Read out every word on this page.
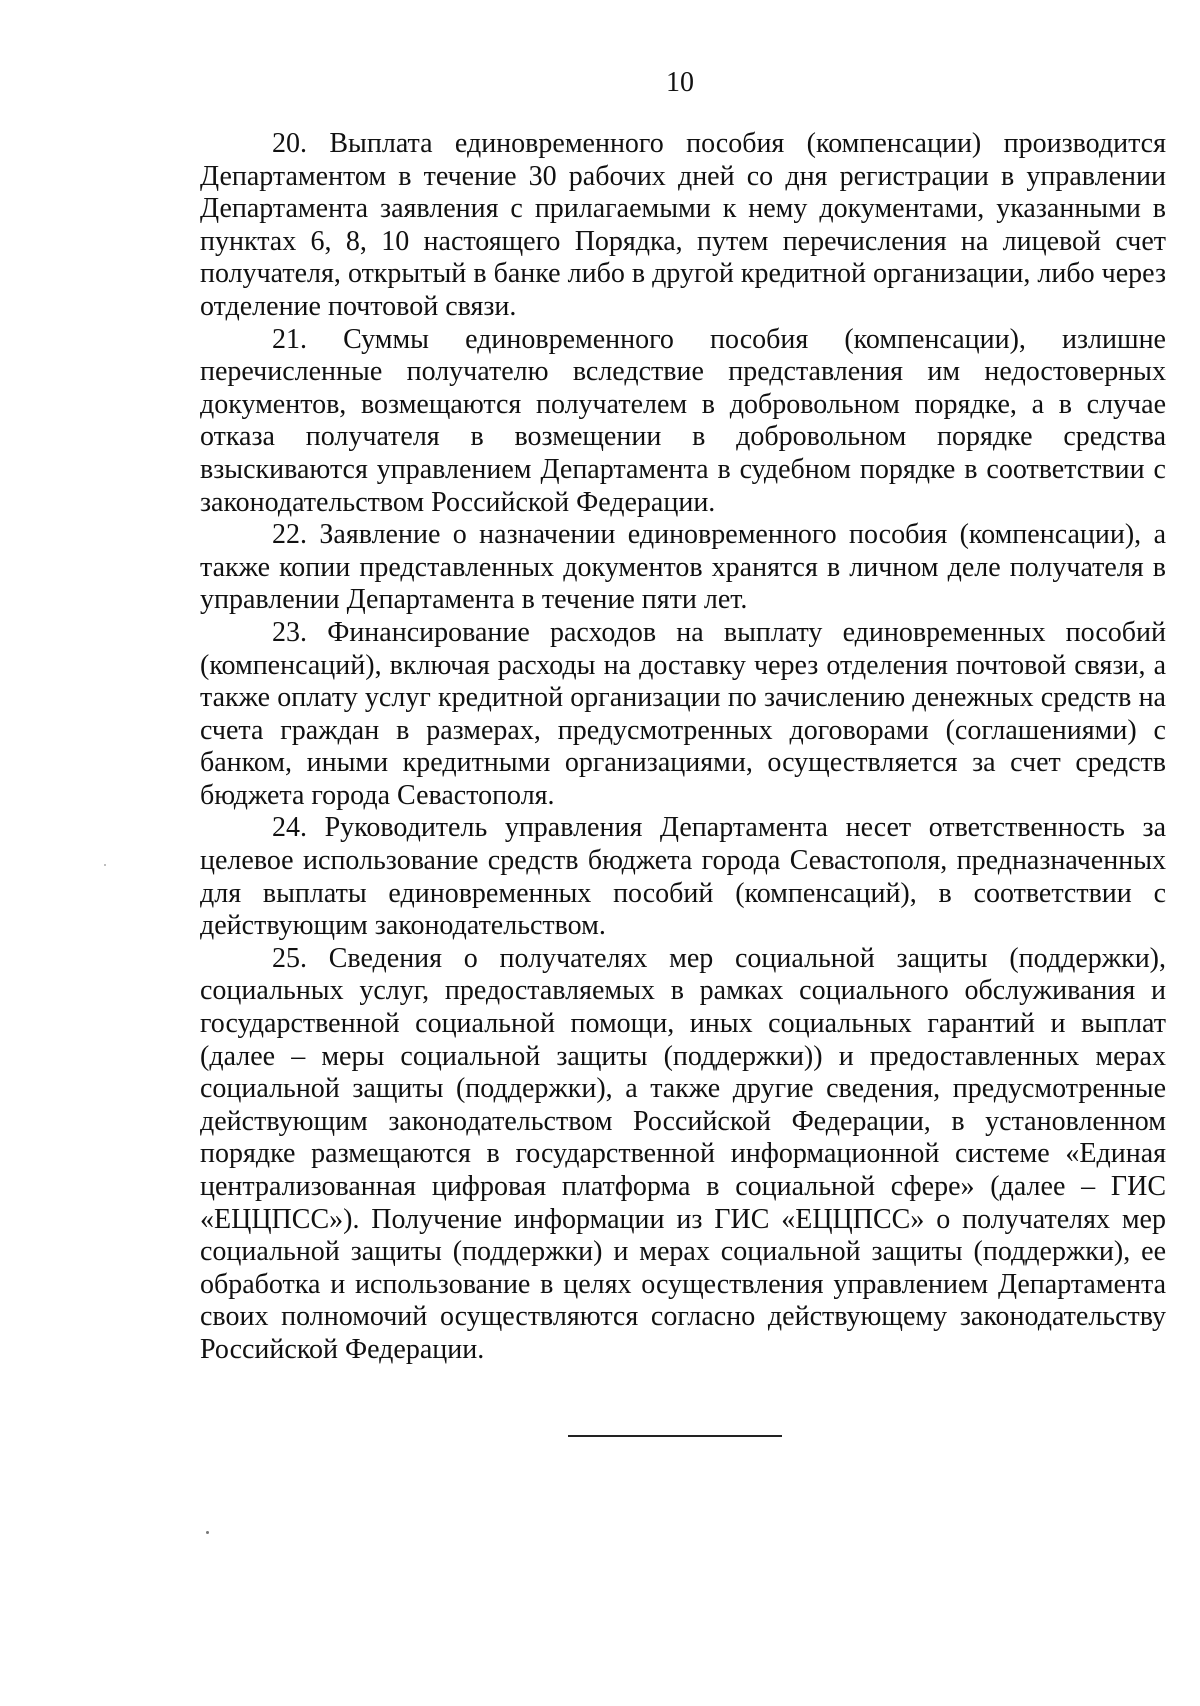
10

20. Выплата единовременного пособия (компенсации) производится Департаментом в течение 30 рабочих дней со дня регистрации в управлении Департамента заявления с прилагаемыми к нему документами, указанными в пунктах 6, 8, 10 настоящего Порядка, путем перечисления на лицевой счет получателя, открытый в банке либо в другой кредитной организации, либо через отделение почтовой связи.

21. Суммы единовременного пособия (компенсации), излишне перечисленные получателю вследствие представления им недостоверных документов, возмещаются получателем в добровольном порядке, а в случае отказа получателя в возмещении в добровольном порядке средства взыскиваются управлением Департамента в судебном порядке в соответствии с законодательством Российской Федерации.

22. Заявление о назначении единовременного пособия (компенсации), а также копии представленных документов хранятся в личном деле получателя в управлении Департамента в течение пяти лет.

23. Финансирование расходов на выплату единовременных пособий (компенсаций), включая расходы на доставку через отделения почтовой связи, а также оплату услуг кредитной организации по зачислению денежных средств на счета граждан в размерах, предусмотренных договорами (соглашениями) с банком, иными кредитными организациями, осуществляется за счет средств бюджета города Севастополя.

24. Руководитель управления Департамента несет ответственность за целевое использование средств бюджета города Севастополя, предназначенных для выплаты единовременных пособий (компенсаций), в соответствии с действующим законодательством.

25. Сведения о получателях мер социальной защиты (поддержки), социальных услуг, предоставляемых в рамках социального обслуживания и государственной социальной помощи, иных социальных гарантий и выплат (далее – меры социальной защиты (поддержки)) и предоставленных мерах социальной защиты (поддержки), а также другие сведения, предусмотренные действующим законодательством Российской Федерации, в установленном порядке размещаются в государственной информационной системе «Единая централизованная цифровая платформа в социальной сфере» (далее – ГИС «ЕЦЦПСС»). Получение информации из ГИС «ЕЦЦПСС» о получателях мер социальной защиты (поддержки) и мерах социальной защиты (поддержки), ее обработка и использование в целях осуществления управлением Департамента своих полномочий осуществляются согласно действующему законодательству Российской Федерации.
